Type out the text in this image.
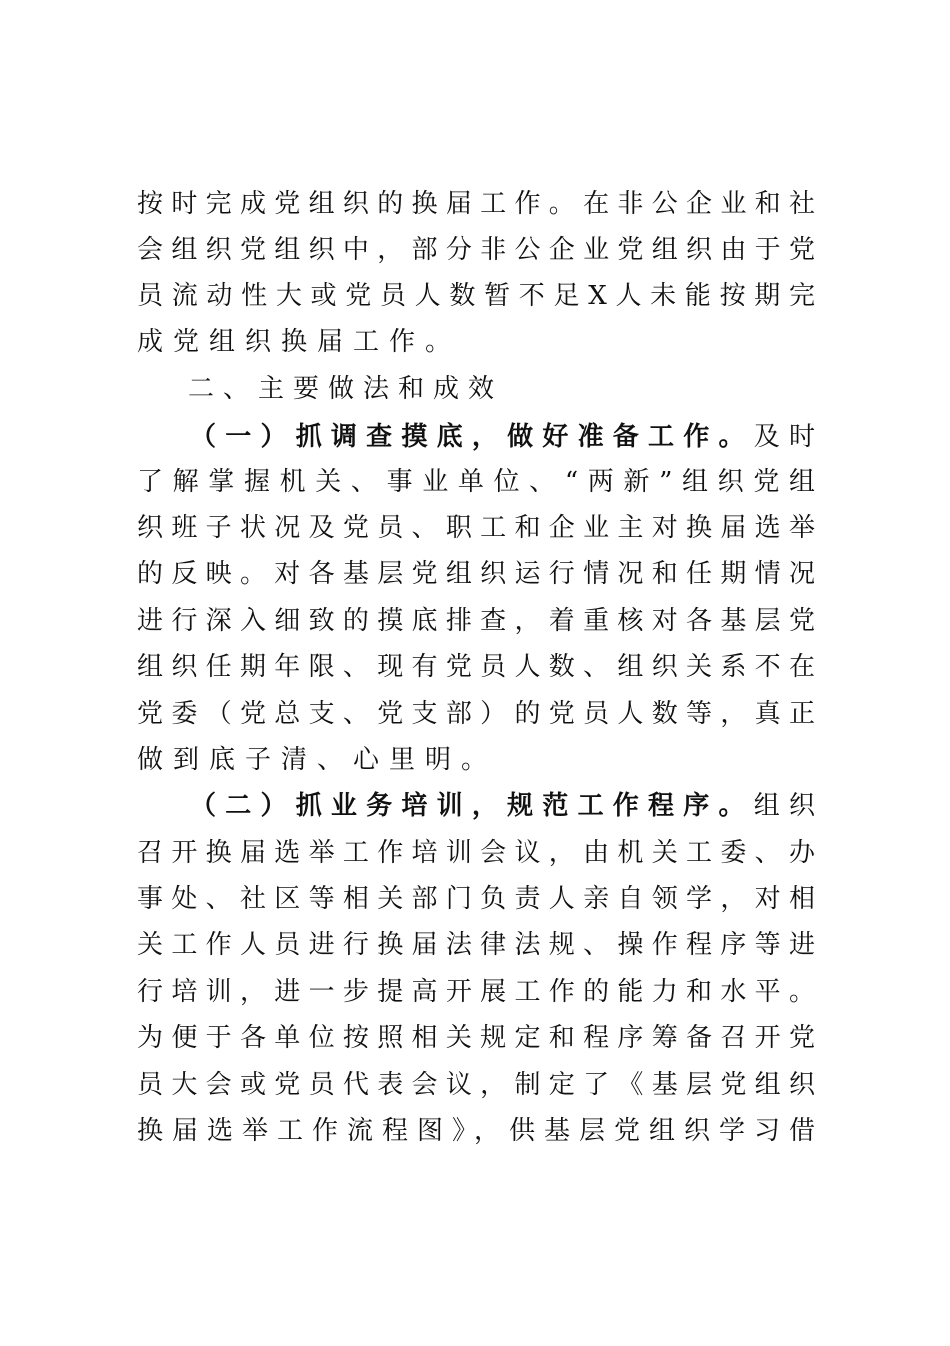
按时完成党组织的换届工作。在非公企业和社
会组织党组织中，部分非公企业党组织由于党
员流动性大或党员人数暂不足X人未能按期完
成党组织换届工作。
二、主要做法和成效
（一）抓调查摸底，做好准备工作。及时
了解掌握机关、事业单位、“两新”组织党组
织班子状况及党员、职工和企业主对换届选举
的反映。对各基层党组织运行情况和任期情况
进行深入细致的摸底排查，着重核对各基层党
组织任期年限、现有党员人数、组织关系不在
党委（党总支、党支部）的党员人数等，真正
做到底子清、心里明。
（二）抓业务培训，规范工作程序。组织
召开换届选举工作培训会议，由机关工委、办
事处、社区等相关部门负责人亲自领学，对相
关工作人员进行换届法律法规、操作程序等进
行培训，进一步提高开展工作的能力和水平。
为便于各单位按照相关规定和程序筹备召开党
员大会或党员代表会议，制定了《基层党组织
换届选举工作流程图》，供基层党组织学习借
